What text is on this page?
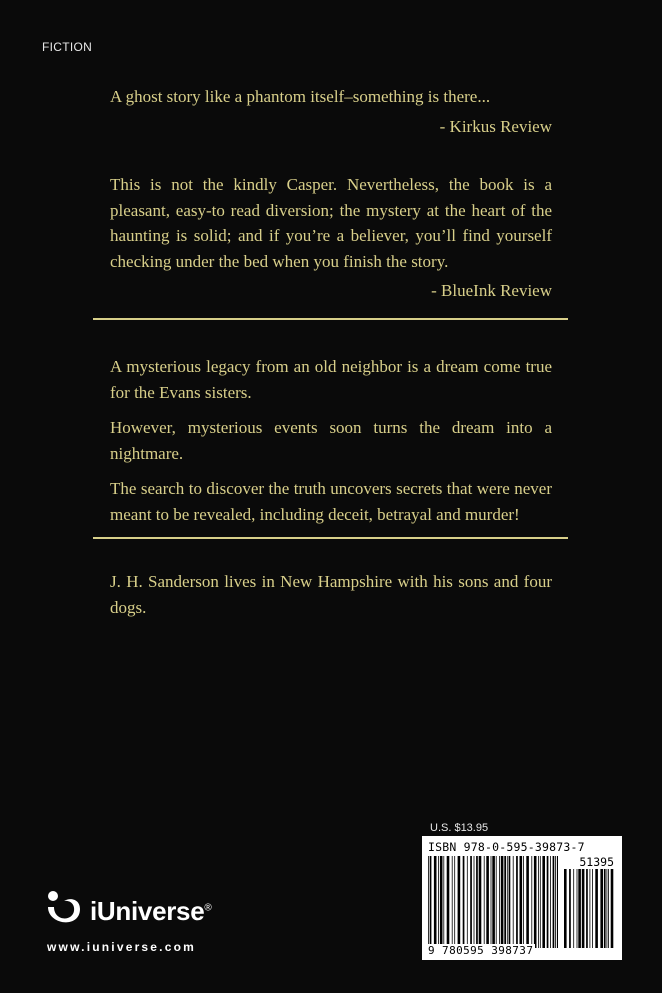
FICTION
A ghost story like a phantom itself–something is there...
- Kirkus Review
This is not the kindly Casper. Nevertheless, the book is a pleasant, easy-to read diversion; the mystery at the heart of the haunting is solid; and if you’re a believer, you’ll find yourself checking under the bed when you finish the story.
- BlueInk Review

A mysterious legacy from an old neighbor is a dream come true for the Evans sisters.

However, mysterious events soon turns the dream into a nightmare.

The search to discover the truth uncovers secrets that were never meant to be revealed, including deceit, betrayal and murder!

J. H. Sanderson lives in New Hampshire with his sons and four dogs.
U.S. $13.95
ISBN 978-0-595-39873-7
51395
9 780595 398737
iUniverse®
www.iuniverse.com
